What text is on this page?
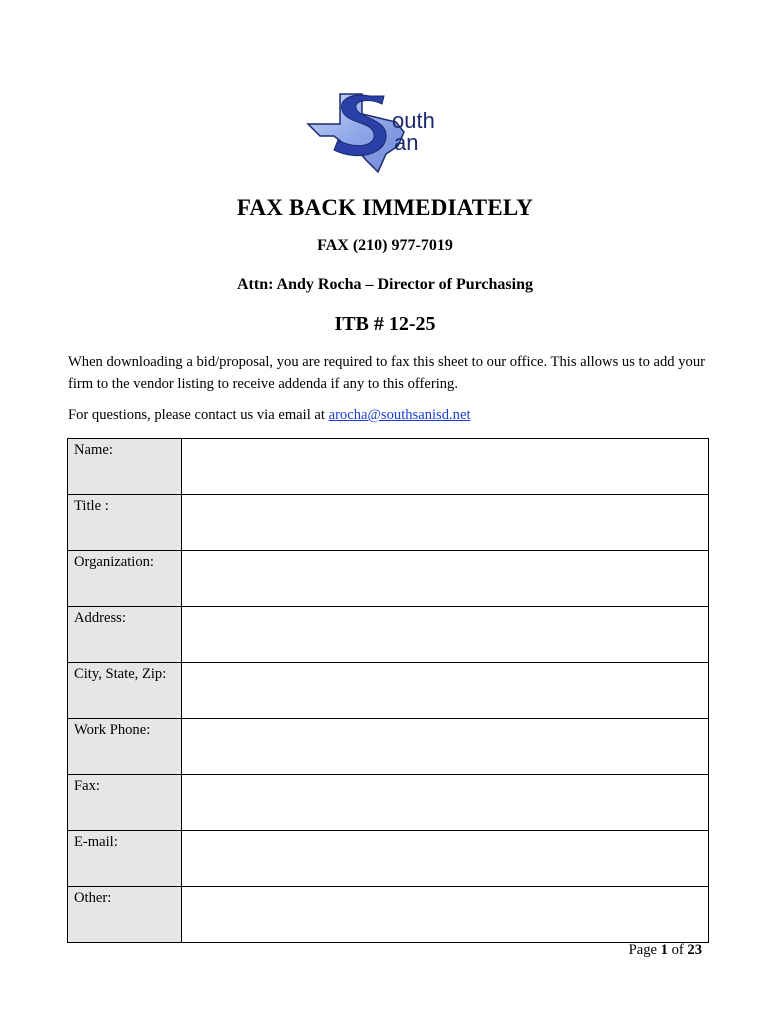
outh
an
FAX BACK IMMEDIATELY
FAX (210) 977-7019
Attn: Andy Rocha – Director of Purchasing
ITB # 12-25
When downloading a bid/proposal, you are required to fax this sheet to our office. This allows us to add your firm to the vendor listing to receive addenda if any to this offering.
For questions, please contact us via email at arocha@southsanisd.net
Name:	
Title :	
Organization:	
Address:	
City, State, Zip:	
Work Phone:	
Fax:	
E-mail:	
Other:	
Page 1 of 23
